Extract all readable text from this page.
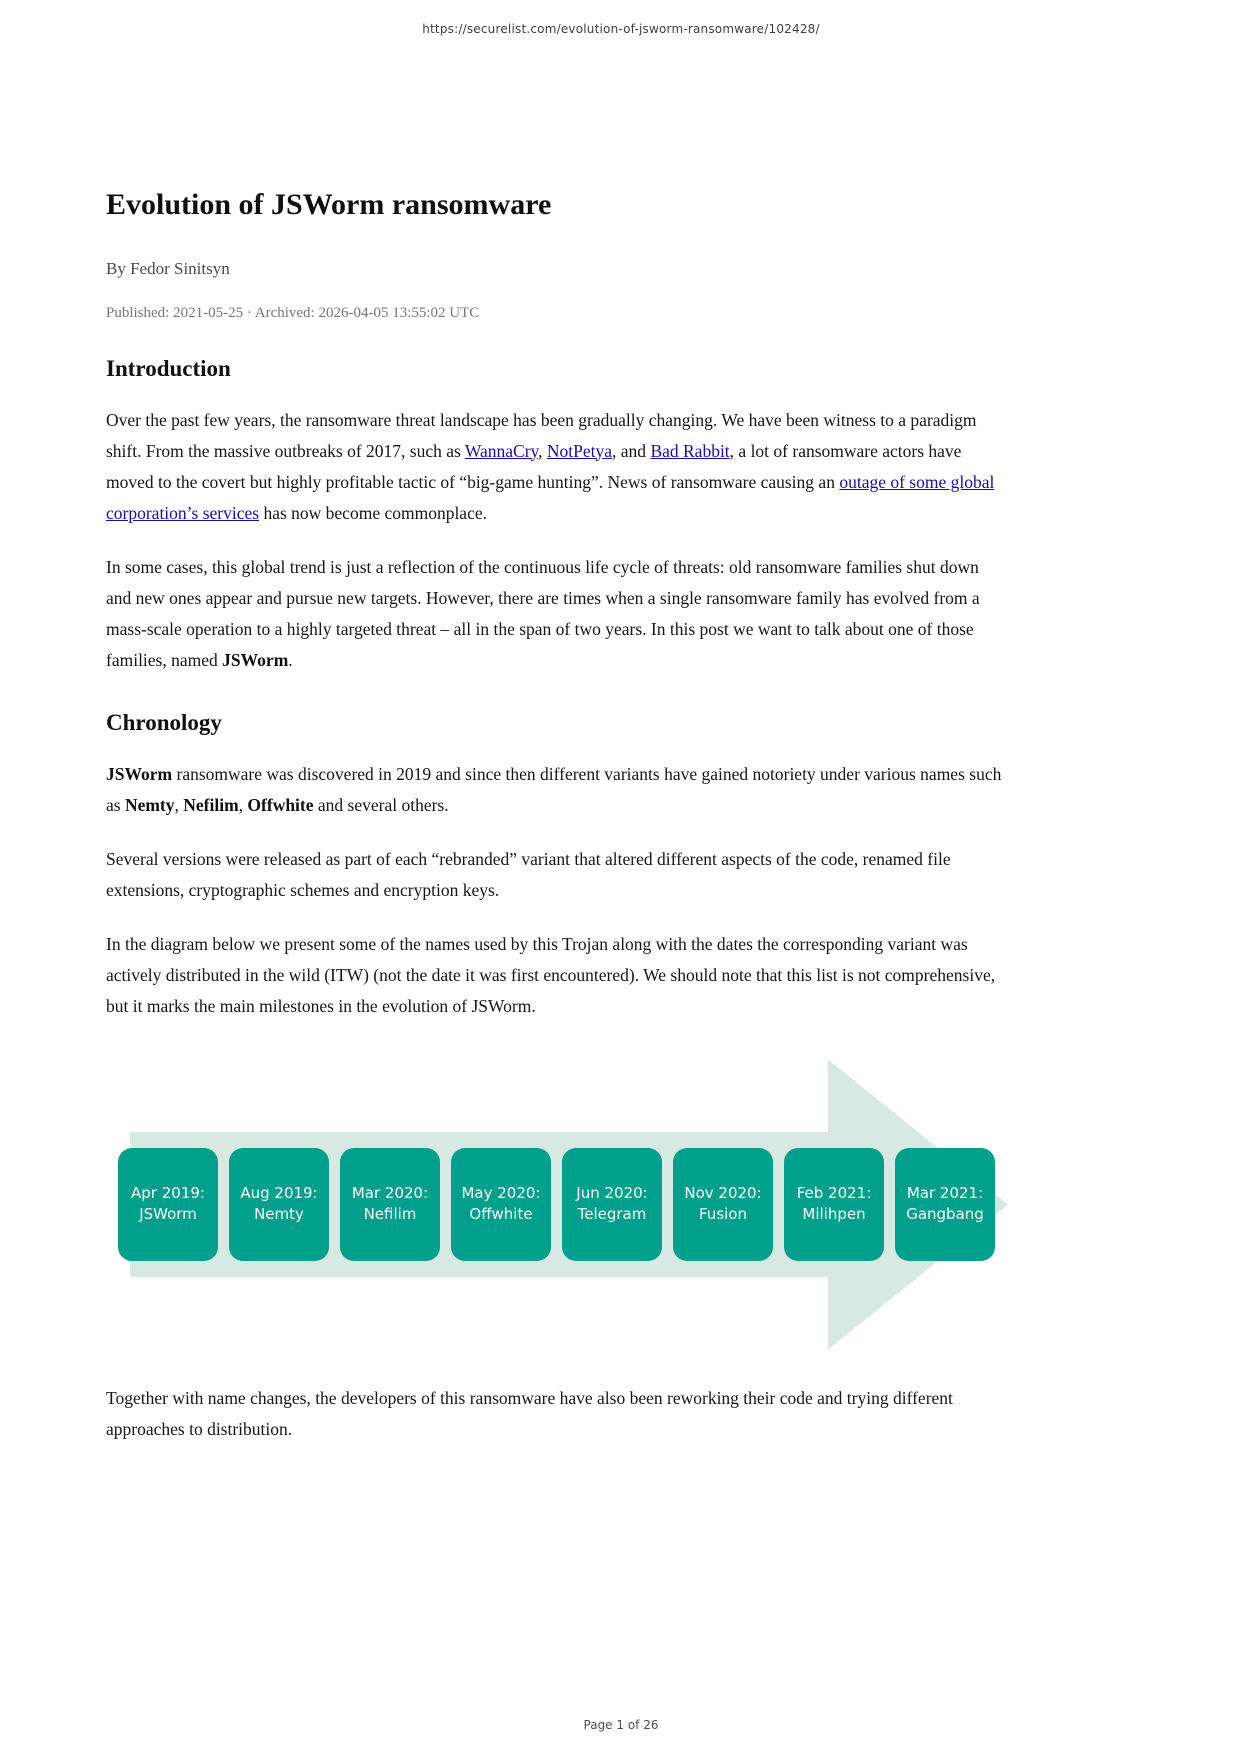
https://securelist.com/evolution-of-jsworm-ransomware/102428/
Evolution of JSWorm ransomware
By Fedor Sinitsyn
Published: 2021-05-25 · Archived: 2026-04-05 13:55:02 UTC
Introduction

Over the past few years, the ransomware threat landscape has been gradually changing. We have been witness to a paradigm shift. From the massive outbreaks of 2017, such as WannaCry, NotPetya, and Bad Rabbit, a lot of ransomware actors have moved to the covert but highly profitable tactic of “big-game hunting”. News of ransomware causing an outage of some global corporation’s services has now become commonplace.

In some cases, this global trend is just a reflection of the continuous life cycle of threats: old ransomware families shut down and new ones appear and pursue new targets. However, there are times when a single ransomware family has evolved from a mass-scale operation to a highly targeted threat – all in the span of two years. In this post we want to talk about one of those families, named JSWorm.

Chronology

JSWorm ransomware was discovered in 2019 and since then different variants have gained notoriety under various names such as Nemty, Nefilim, Offwhite and several others.

Several versions were released as part of each “rebranded” variant that altered different aspects of the code, renamed file extensions, cryptographic schemes and encryption keys.

In the diagram below we present some of the names used by this Trojan along with the dates the corresponding variant was actively distributed in the wild (ITW) (not the date it was first encountered). We should note that this list is not comprehensive, but it marks the main milestones in the evolution of JSWorm.

Apr 2019:
JSWorm
Aug 2019:
Nemty
Mar 2020:
Nefilim
May 2020:
Offwhite
Jun 2020:
Telegram
Nov 2020:
Fusion
Feb 2021:
Milihpen
Mar 2021:
Gangbang

Together with name changes, the developers of this ransomware have also been reworking their code and trying different approaches to distribution.

Page 1 of 26
